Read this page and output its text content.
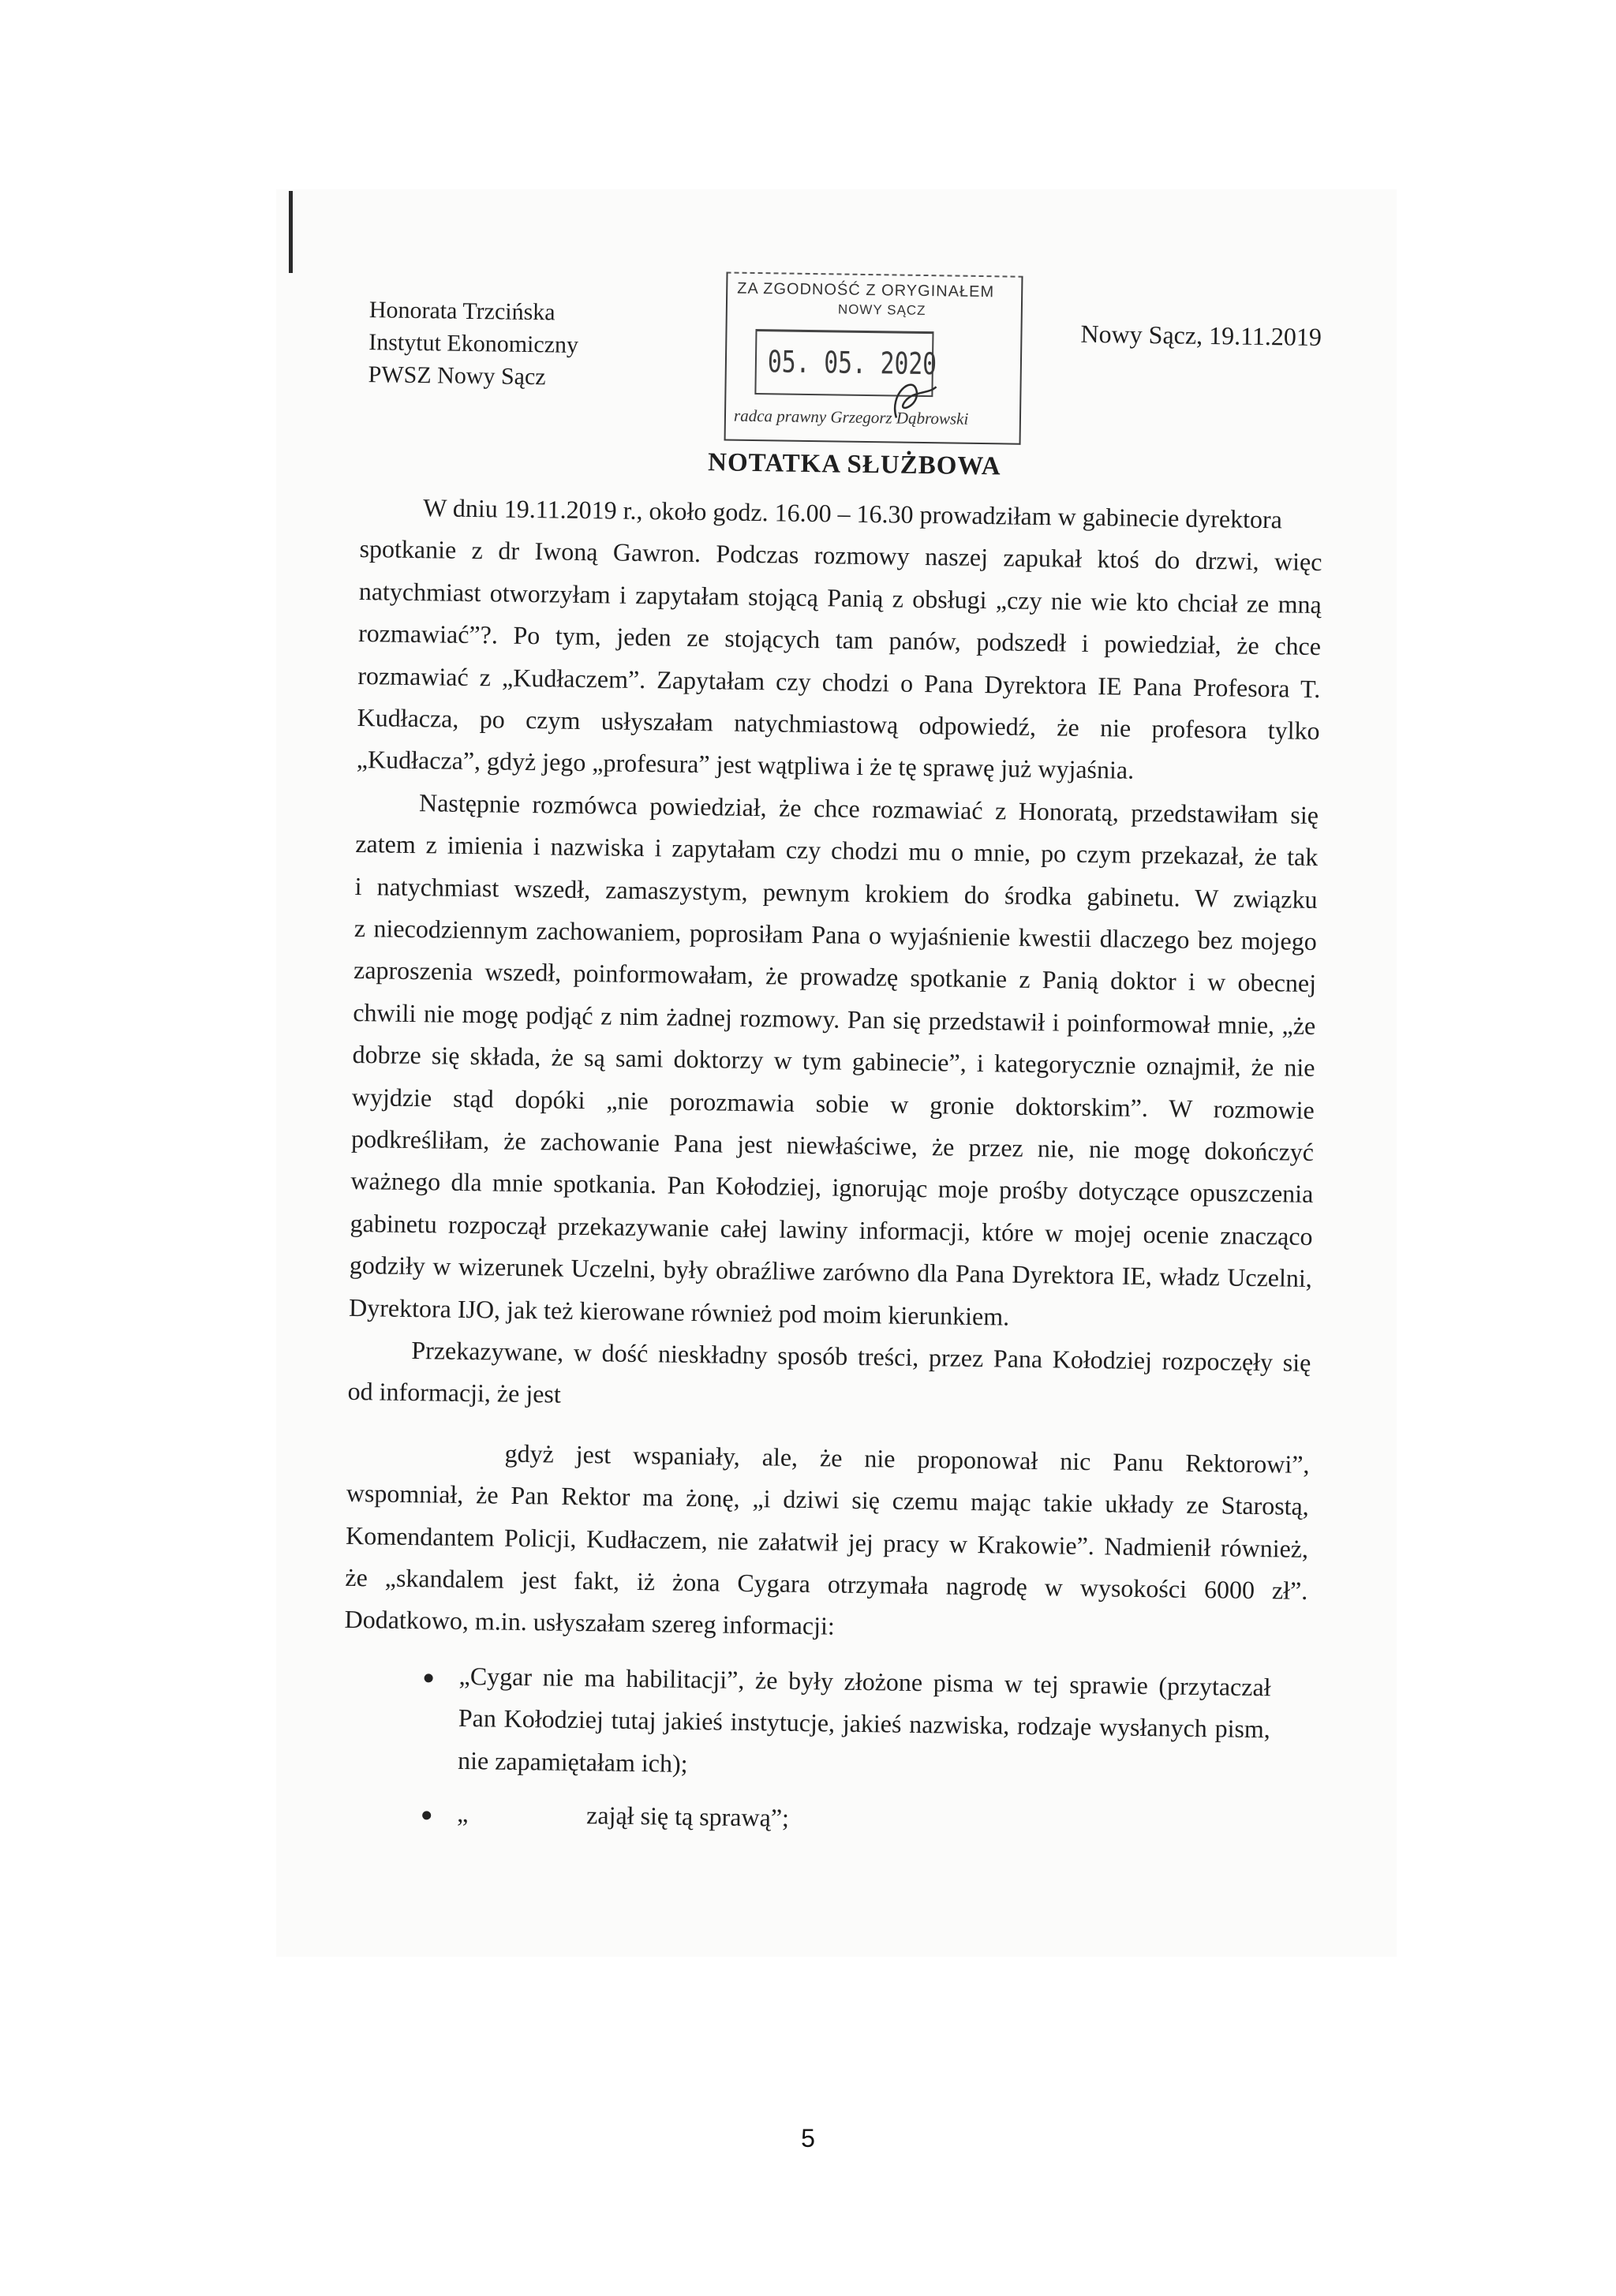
Honorata Trzcińska
Instytut Ekonomiczny
PWSZ Nowy Sącz
Nowy Sącz, 19.11.2019
ZA ZGODNOŚĆ Z ORYGINAŁEM
NOWY SĄCZ
05. 05. 2020
radca prawny Grzegorz Dąbrowski
NOTATKA SŁUŻBOWA
W dniu 19.11.2019 r., około godz. 16.00 – 16.30 prowadziłam w gabinecie dyrektora
spotkanie z dr Iwoną Gawron. Podczas rozmowy naszej zapukał ktoś do drzwi, więc
natychmiast otworzyłam i zapytałam stojącą Panią z obsługi „czy nie wie kto chciał ze mną
rozmawiać”?. Po tym, jeden ze stojących tam panów, podszedł i powiedział, że chce
rozmawiać z „Kudłaczem”. Zapytałam czy chodzi o Pana Dyrektora IE Pana Profesora T.
Kudłacza, po czym usłyszałam natychmiastową odpowiedź, że nie profesora tylko
„Kudłacza”, gdyż jego „profesura” jest wątpliwa i że tę sprawę już wyjaśnia.
Następnie rozmówca powiedział, że chce rozmawiać z Honoratą, przedstawiłam się
zatem z imienia i nazwiska i zapytałam czy chodzi mu o mnie, po czym przekazał, że tak
i natychmiast wszedł, zamaszystym, pewnym krokiem do środka gabinetu. W związku
z niecodziennym zachowaniem, poprosiłam Pana o wyjaśnienie kwestii dlaczego bez mojego
zaproszenia wszedł, poinformowałam, że prowadzę spotkanie z Panią doktor i w obecnej
chwili nie mogę podjąć z nim żadnej rozmowy. Pan się przedstawił i poinformował mnie, „że
dobrze się składa, że są sami doktorzy w tym gabinecie”, i kategorycznie oznajmił, że nie
wyjdzie stąd dopóki „nie porozmawia sobie w gronie doktorskim”. W rozmowie
podkreśliłam, że zachowanie Pana jest niewłaściwe, że przez nie, nie mogę dokończyć
ważnego dla mnie spotkania. Pan Kołodziej, ignorując moje prośby dotyczące opuszczenia
gabinetu rozpoczął przekazywanie całej lawiny informacji, które w mojej ocenie znacząco
godziły w wizerunek Uczelni, były obraźliwe zarówno dla Pana Dyrektora IE, władz Uczelni,
Dyrektora IJO, jak też kierowane również pod moim kierunkiem.
Przekazywane, w dość nieskładny sposób treści, przez Pana Kołodziej rozpoczęły się
od informacji, że jest
gdyż jest wspaniały, ale, że nie proponował nic Panu Rektorowi”,
wspomniał, że Pan Rektor ma żonę, „i dziwi się czemu mając takie układy ze Starostą,
Komendantem Policji, Kudłaczem, nie załatwił jej pracy w Krakowie”. Nadmienił również,
że „skandalem jest fakt, iż żona Cygara otrzymała nagrodę w wysokości 6000 zł”.
Dodatkowo, m.in. usłyszałam szereg informacji:
„Cygar nie ma habilitacji”, że były złożone pisma w tej sprawie (przytaczał
Pan Kołodziej tutaj jakieś instytucje, jakieś nazwiska, rodzaje wysłanych pism,
nie zapamiętałam ich);
„	zajął się tą sprawą”;
5
